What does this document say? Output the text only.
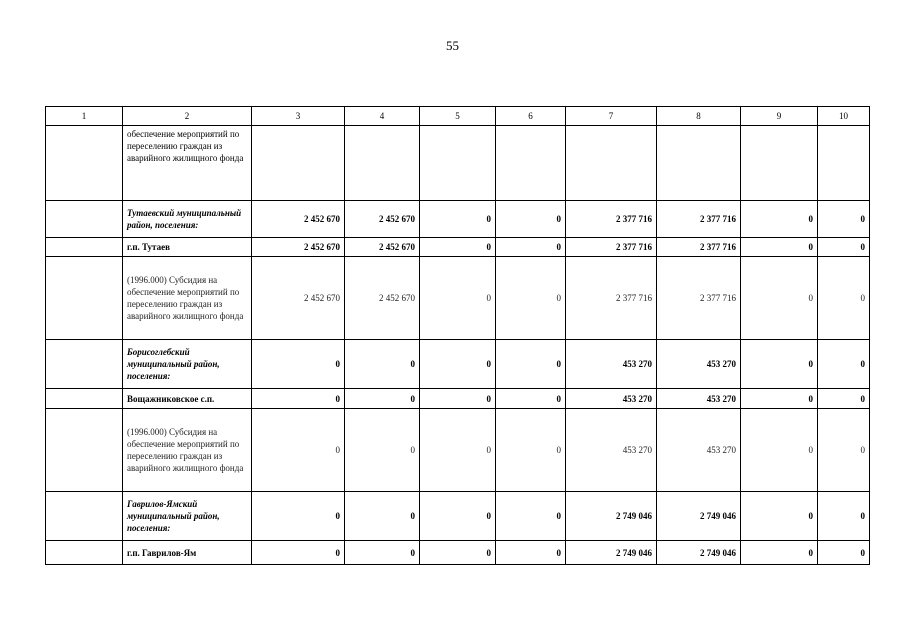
55
1	2	3	4	5	6	7	8	9	10
	обеспечение мероприятий по переселению граждан из аварийного жилищного фонда								
	Тутаевский муниципальный район, поселения:	2 452 670	2 452 670	0	0	2 377 716	2 377 716	0	0
	г.п. Тутаев	2 452 670	2 452 670	0	0	2 377 716	2 377 716	0	0
	(1996.000) Субсидия на обеспечение мероприятий по переселению граждан из аварийного жилищного фонда	2 452 670	2 452 670	0	0	2 377 716	2 377 716	0	0
	Борисоглебский муниципальный район, поселения:	0	0	0	0	453 270	453 270	0	0
	Вощажниковское с.п.	0	0	0	0	453 270	453 270	0	0
	(1996.000) Субсидия на обеспечение мероприятий по переселению граждан из аварийного жилищного фонда	0	0	0	0	453 270	453 270	0	0
	Гаврилов-Ямский муниципальный район, поселения:	0	0	0	0	2 749 046	2 749 046	0	0
	г.п. Гаврилов-Ям	0	0	0	0	2 749 046	2 749 046	0	0
